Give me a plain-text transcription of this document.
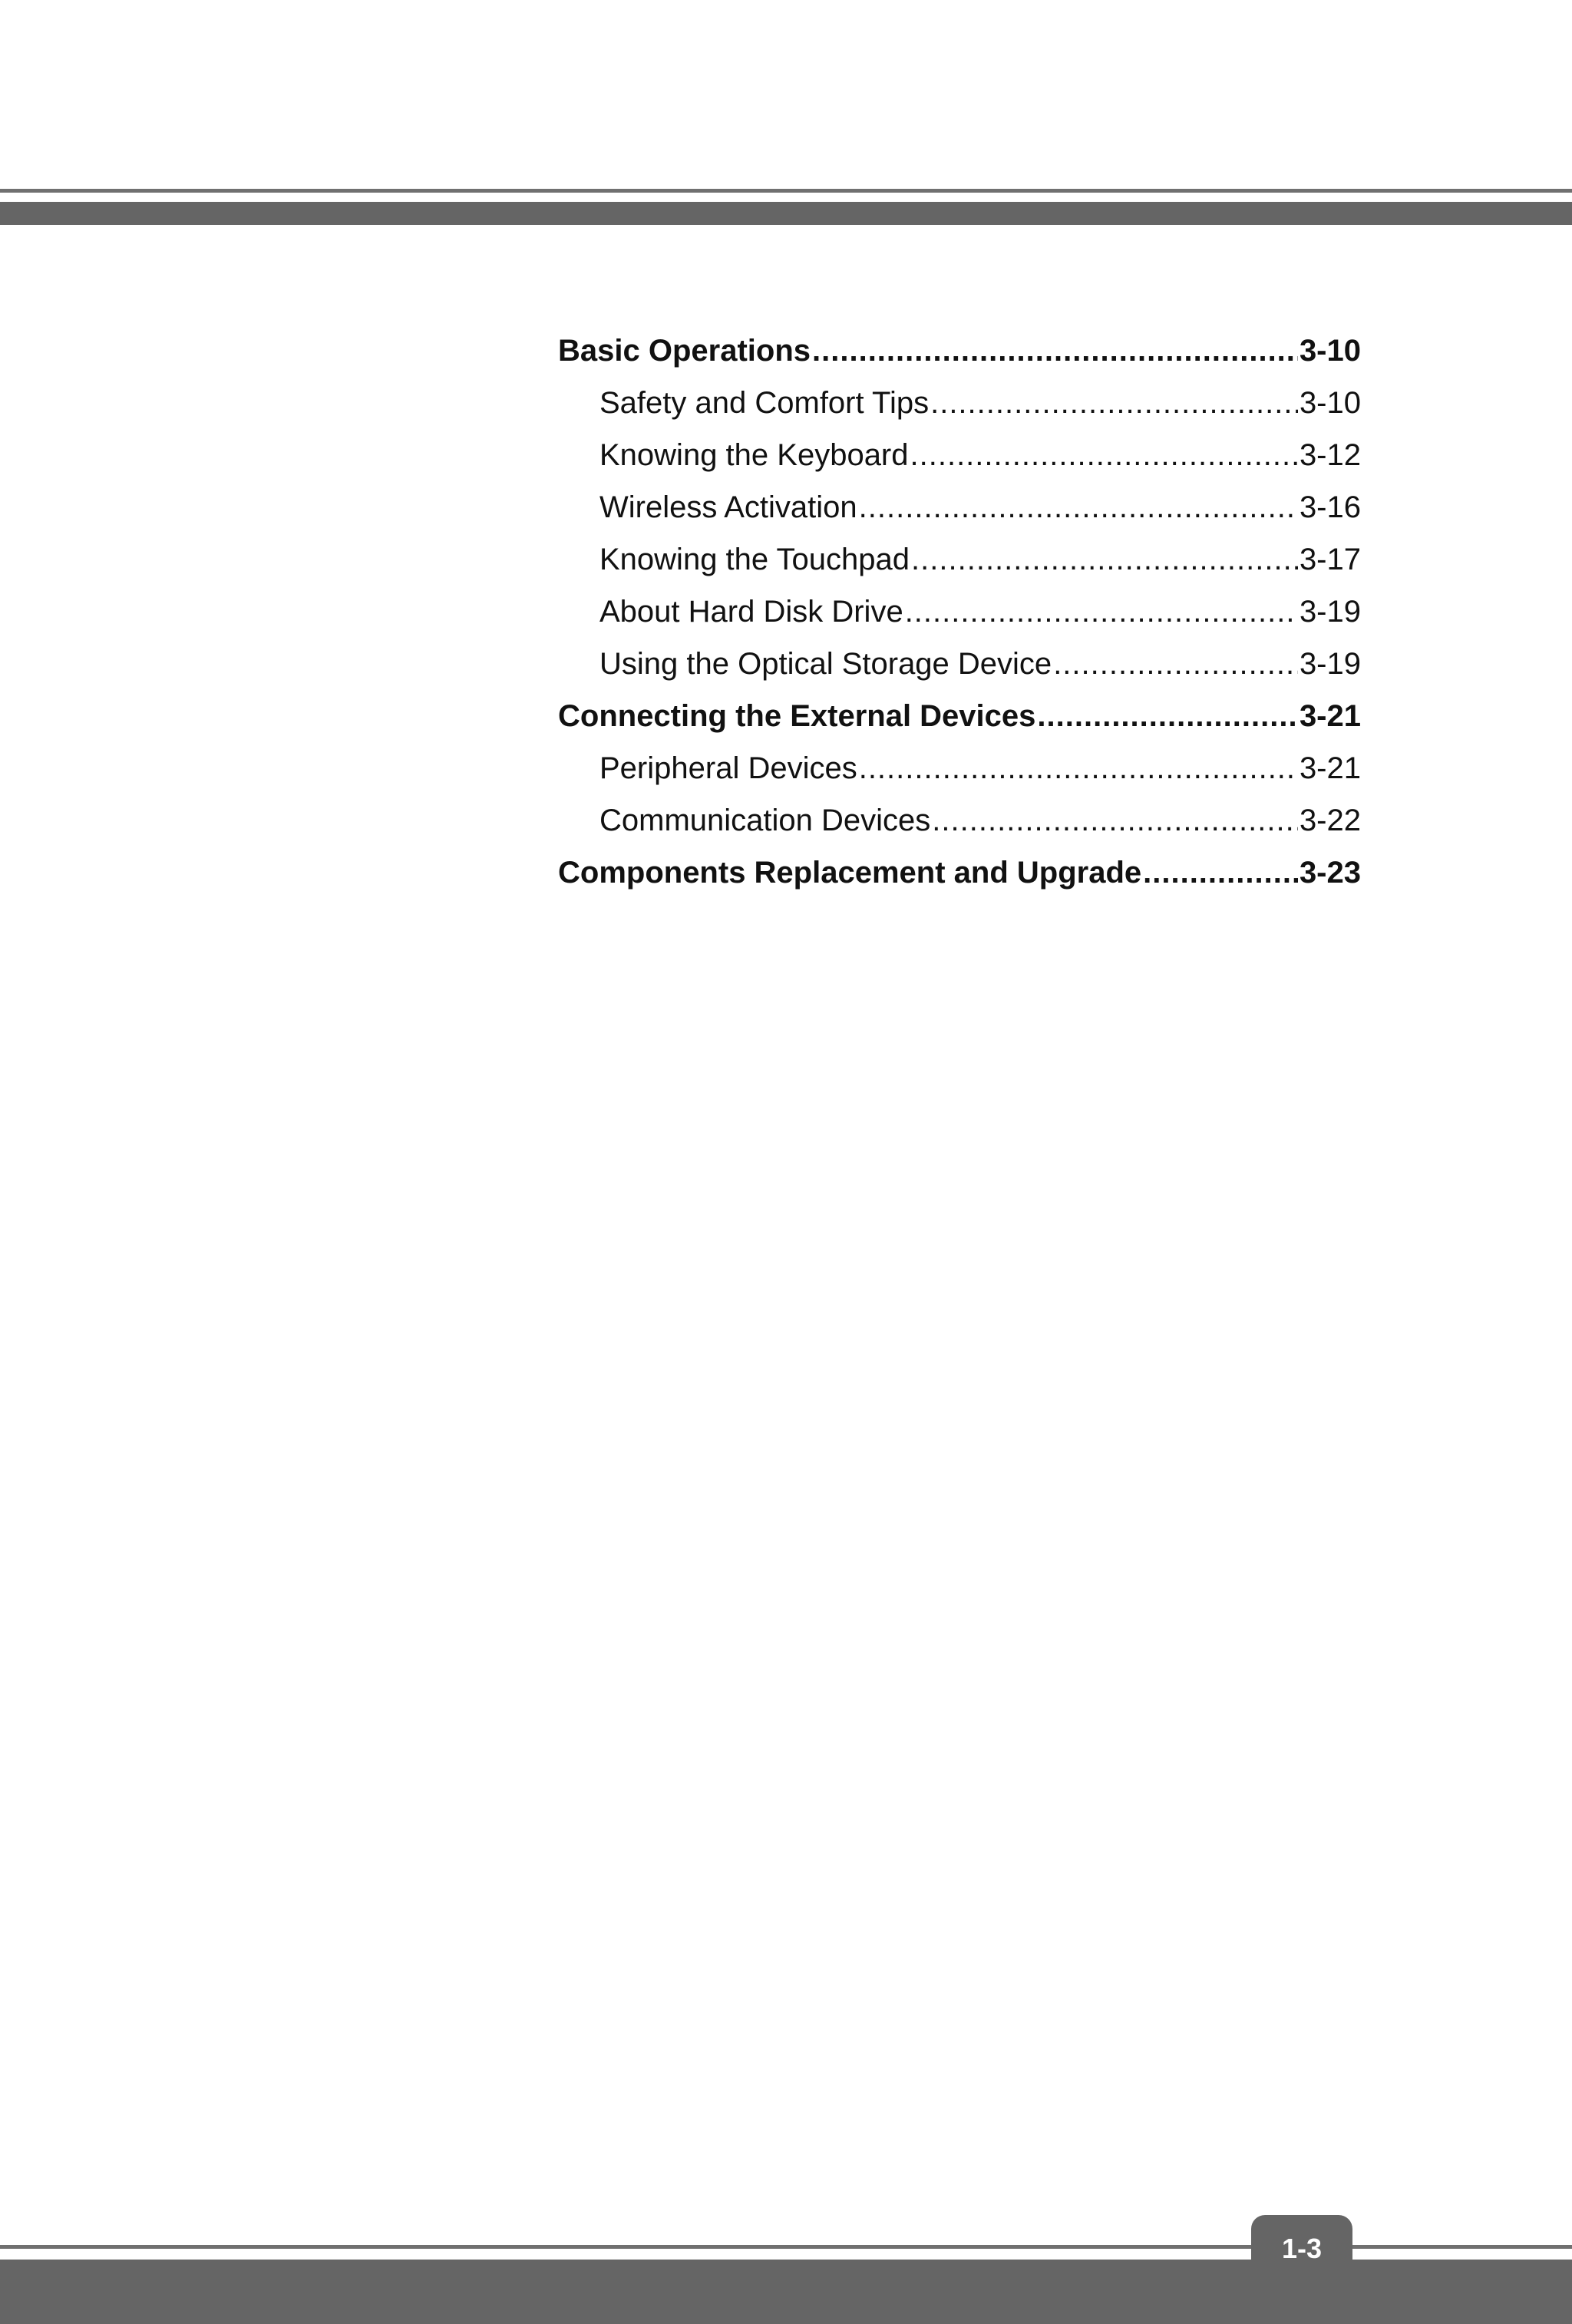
Basic Operations .....	3-10
Safety and Comfort Tips .....	3-10
Knowing the Keyboard .....	3-12
Wireless Activation .....	3-16
Knowing the Touchpad .....	3-17
About Hard Disk Drive .....	3-19
Using the Optical Storage Device .....	3-19
Connecting the External Devices .....	3-21
Peripheral Devices .....	3-21
Communication Devices .....	3-22
Components Replacement and Upgrade .....	3-23
1-3
